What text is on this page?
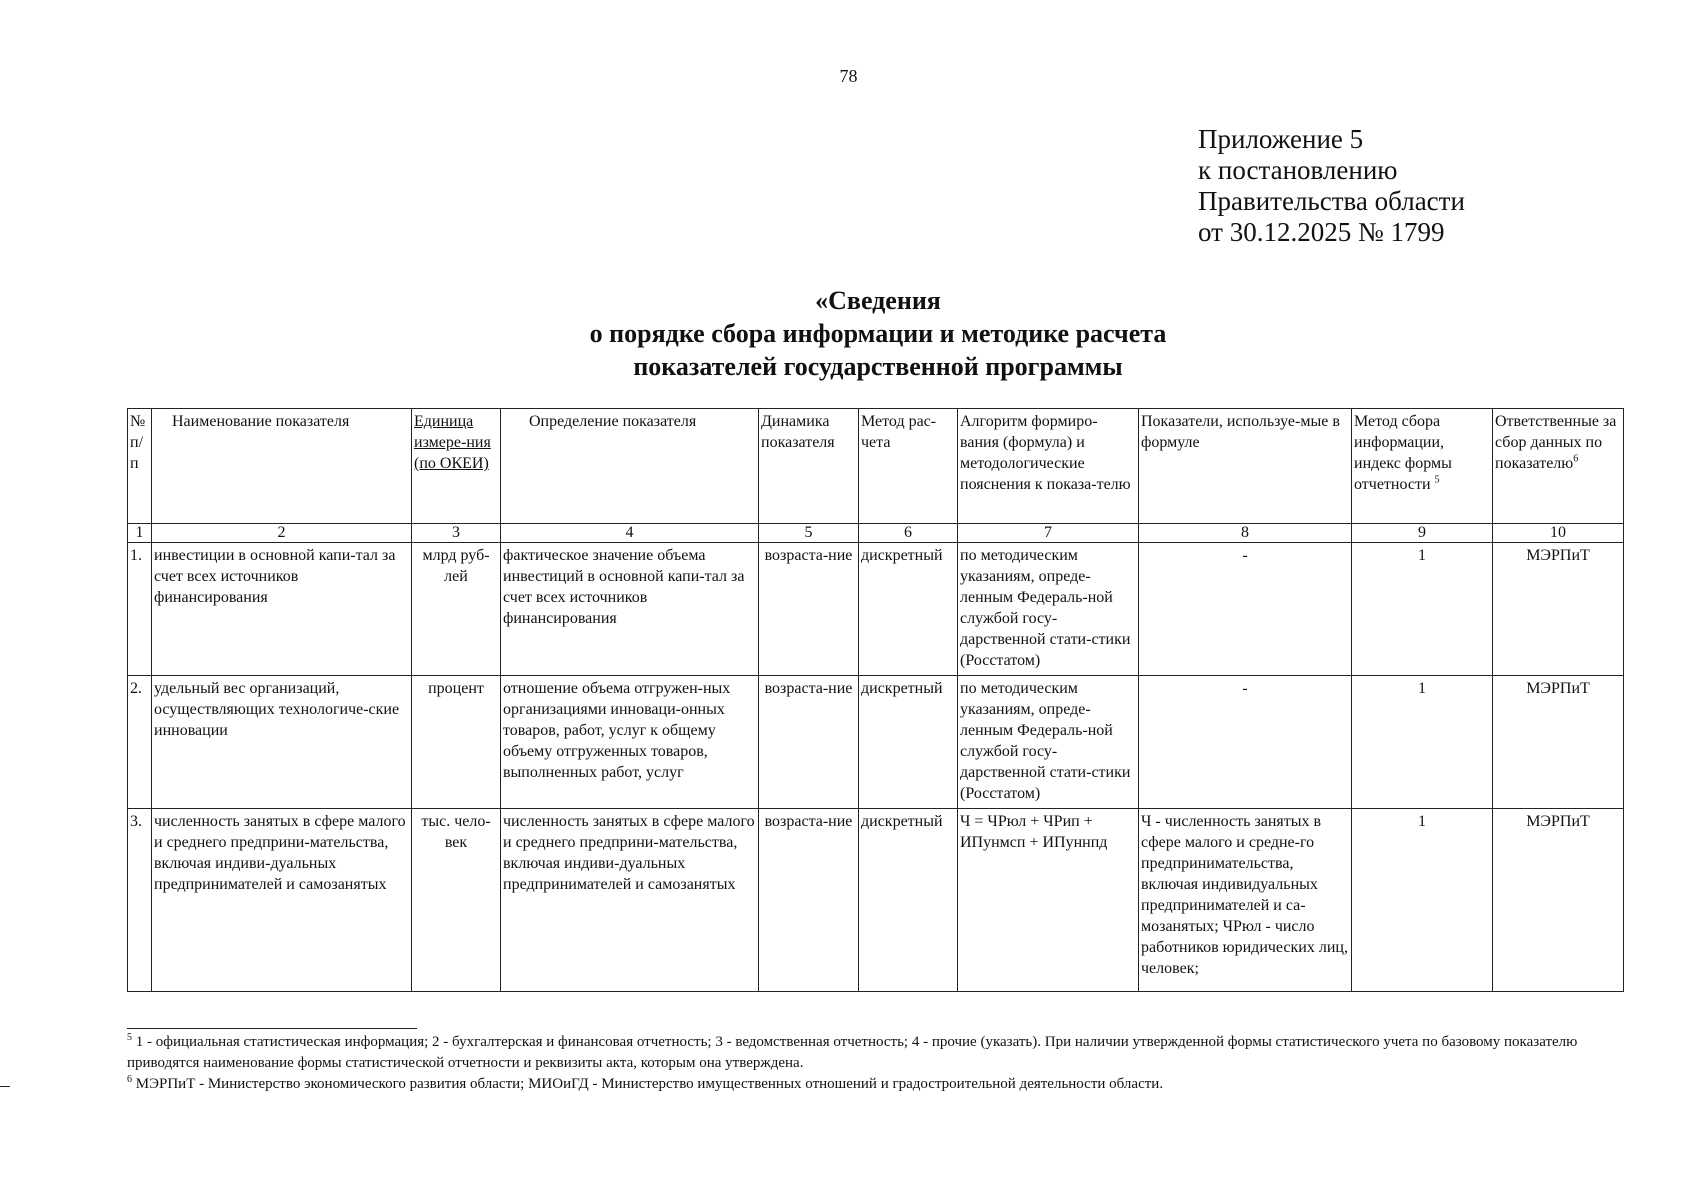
78
Приложение 5
к постановлению
Правительства области
от 30.12.2025 № 1799
«Сведения
о порядке сбора информации и методике расчета
показателей государственной программы
№ п/п	Наименование показателя	Единица измере-ния (по ОКЕИ)	Определение показателя	Динамика показателя	Метод рас-чета	Алгоритм формиро-вания (формула) и методологические пояснения к показа-телю	Показатели, используе-мые в формуле	Метод сбора информации, индекс формы отчетности $^5$	Ответственные за сбор данных по показателю$^6$
1	2	3	4	5	6	7	8	9	10
1.	инвестиции в основной капи-тал за счет всех источников финансирования	млрд руб-лей	фактическое значение объема инвестиций в основной капи-тал за счет всех источников финансирования	возраста-ние	дискретный	по методическим указаниям, опреде-ленным Федераль-ной службой госу-дарственной стати-стики (Росстатом)	-	1	МЭРПиТ
2.	удельный вес организаций, осуществляющих технологиче-ские инновации	процент	отношение объема отгружен-ных организациями инноваци-онных товаров, работ, услуг к общему объему отгруженных товаров, выполненных работ, услуг	возраста-ние	дискретный	по методическим указаниям, опреде-ленным Федераль-ной службой госу-дарственной стати-стики (Росстатом)	-	1	МЭРПиТ
3.	численность занятых в сфере малого и среднего предприни-мательства, включая индиви-дуальных предпринимателей и самозанятых	тыс. чело-век	численность занятых в сфере малого и среднего предприни-мательства, включая индиви-дуальных предпринимателей и самозанятых	возраста-ние	дискретный	Ч = ЧРюл + ЧРип + ИПунмсп + ИПуннпд	Ч - численность занятых в сфере малого и средне-го предпринимательства, включая индивидуальных предпринимателей и са-мозанятых; ЧРюл - число работников юридических лиц, человек;	1	МЭРПиТ

$^5$ 1 - официальная статистическая информация; 2 - бухгалтерская и финансовая отчетность; 3 - ведомственная отчетность; 4 - прочие (указать). При наличии утвержденной формы статистического учета по базовому показателю приводятся наименование формы статистической отчетности и реквизиты акта, которым она утверждена.

$^6$ МЭРПиТ - Министерство экономического развития области; МИОиГД - Министерство имущественных отношений и градостроительной деятельности области.
